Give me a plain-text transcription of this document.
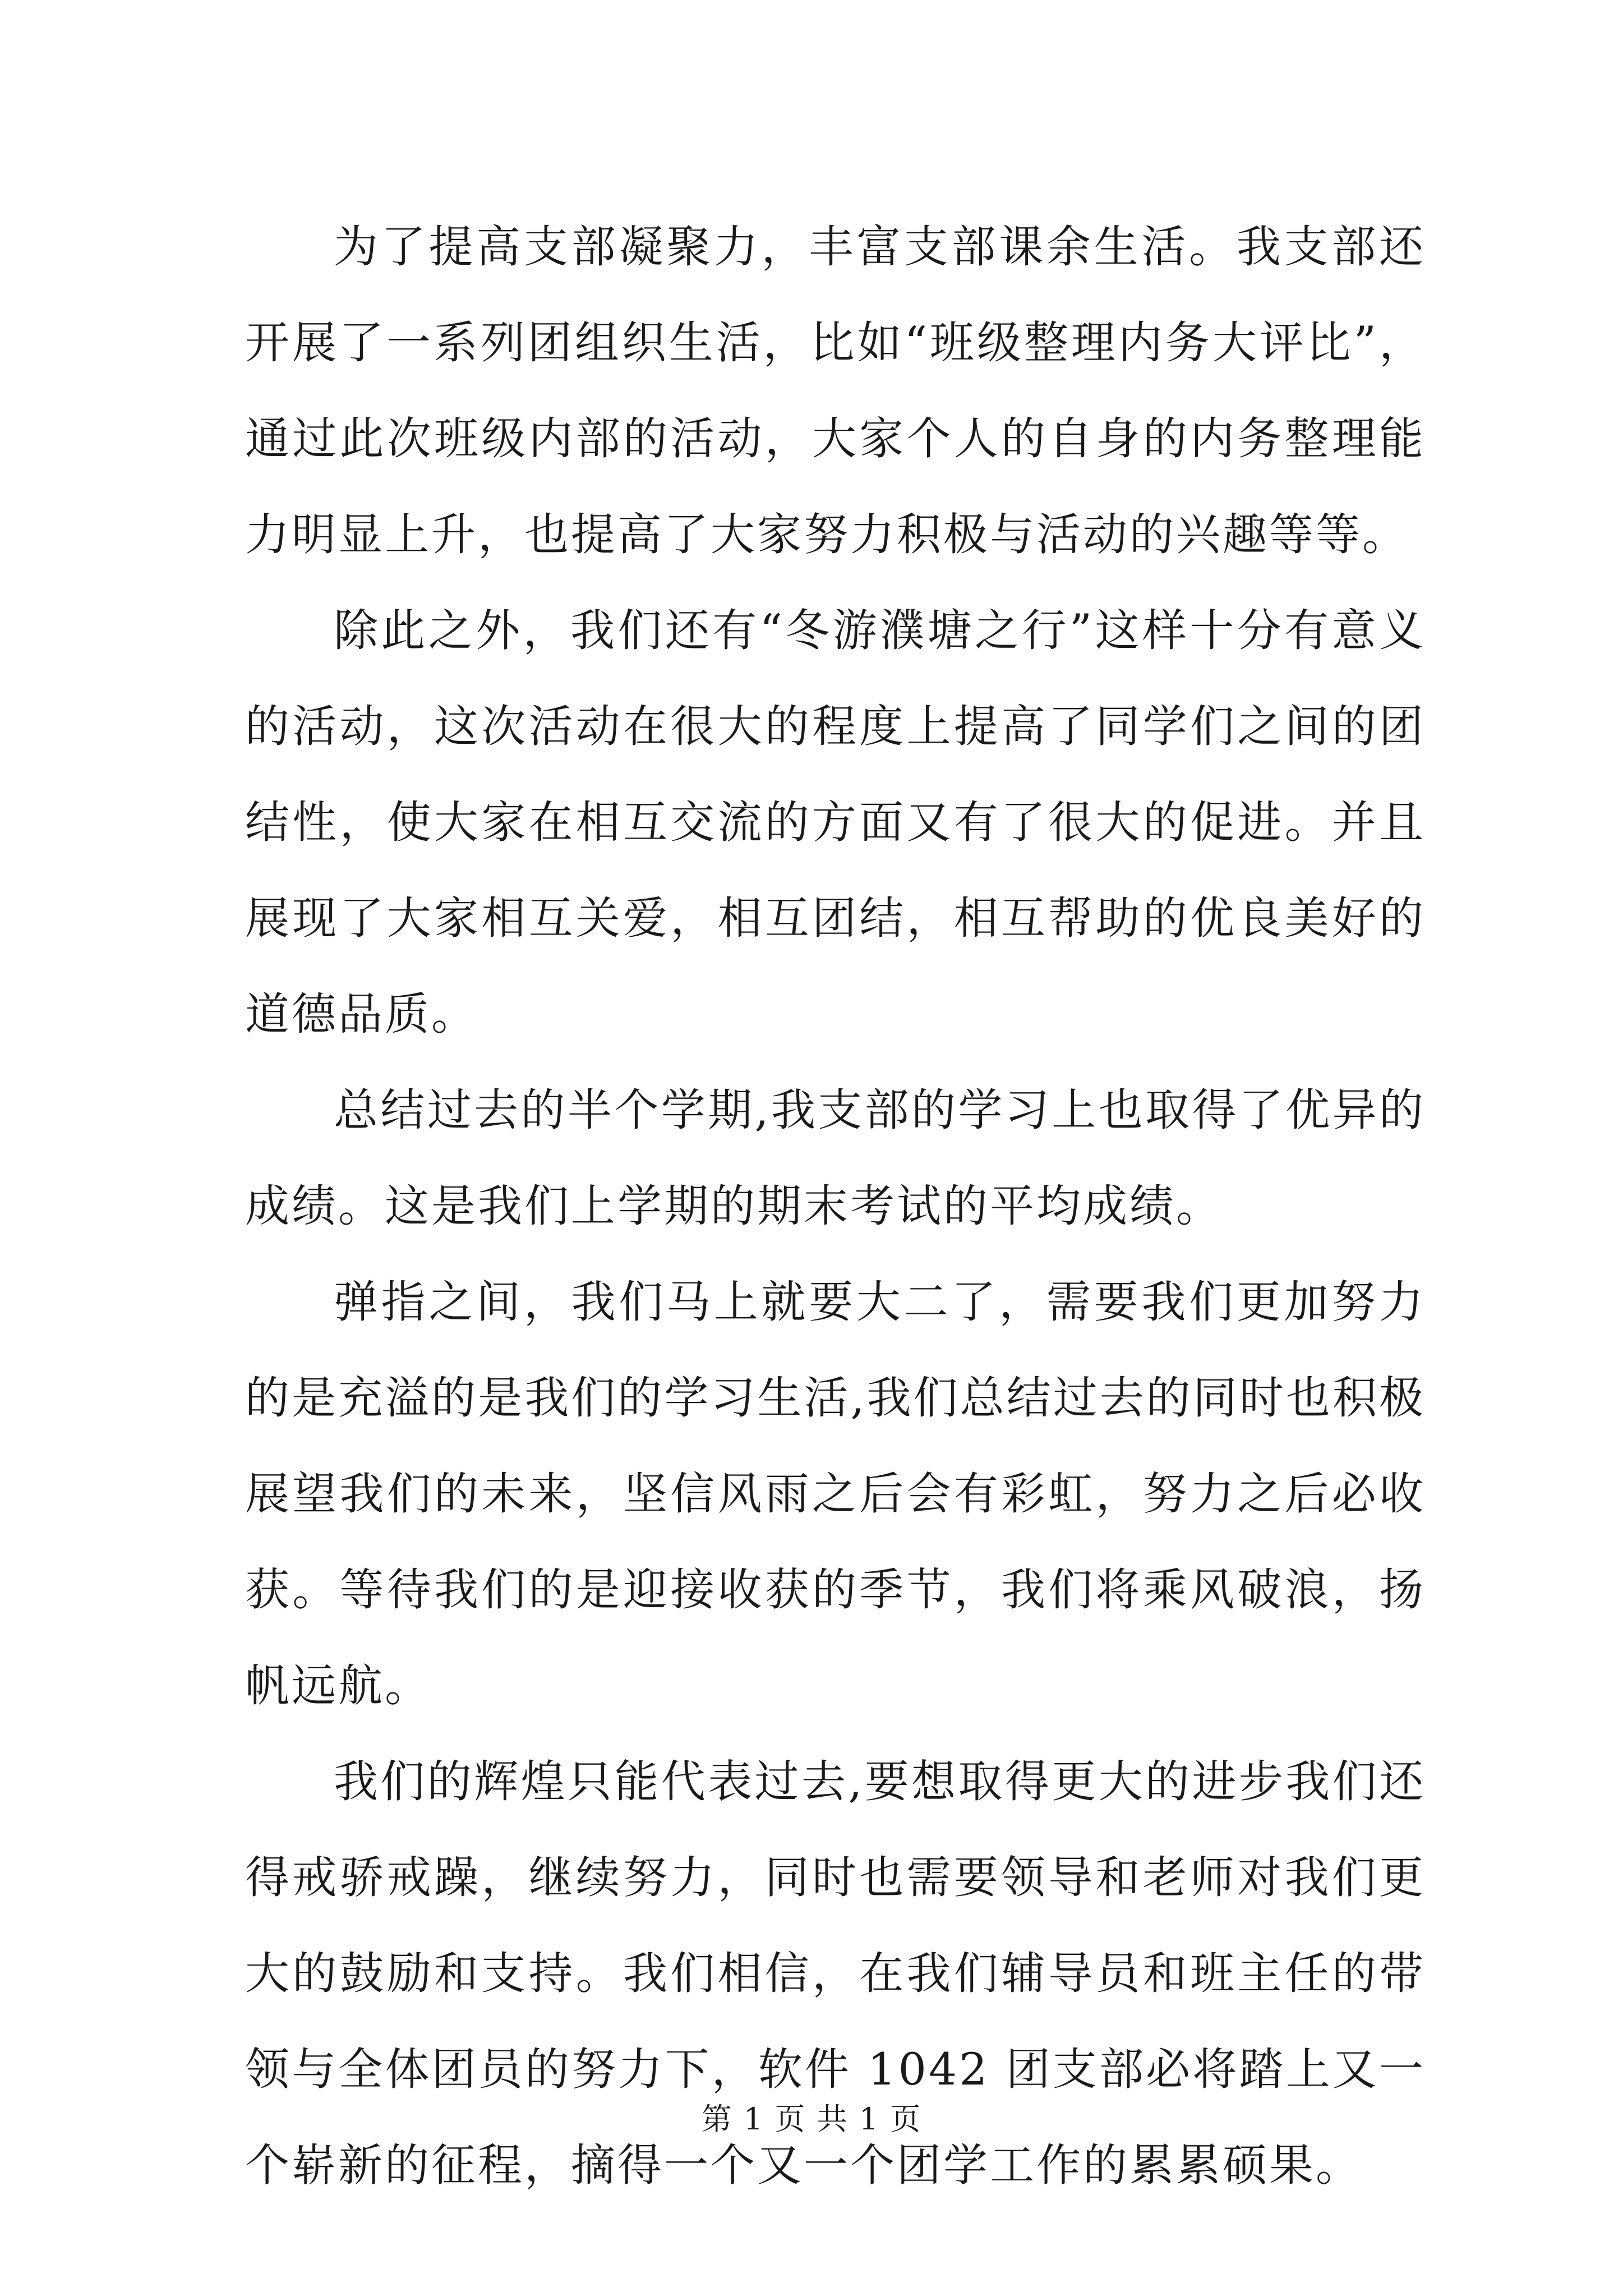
为了提高支部凝聚力，丰富支部课余生活。我支部还开展了一系列团组织生活，比如“班级整理内务大评比”，通过此次班级内部的活动，大家个人的自身的内务整理能力明显上升，也提高了大家努力积极与活动的兴趣等等。

除此之外，我们还有“冬游濮塘之行”这样十分有意义的活动，这次活动在很大的程度上提高了同学们之间的团结性，使大家在相互交流的方面又有了很大的促进。并且展现了大家相互关爱，相互团结，相互帮助的优良美好的道德品质。

总结过去的半个学期,我支部的学习上也取得了优异的成绩。这是我们上学期的期末考试的平均成绩。

弹指之间，我们马上就要大二了，需要我们更加努力的是充溢的是我们的学习生活,我们总结过去的同时也积极展望我们的未来，坚信风雨之后会有彩虹，努力之后必收获。等待我们的是迎接收获的季节，我们将乘风破浪，扬帆远航。

我们的辉煌只能代表过去,要想取得更大的进步我们还得戒骄戒躁，继续努力，同时也需要领导和老师对我们更大的鼓励和支持。我们相信，在我们辅导员和班主任的带领与全体团员的努力下，软件 1042 团支部必将踏上又一个崭新的征程，摘得一个又一个团学工作的累累硕果。

第 1 页 共 1 页
